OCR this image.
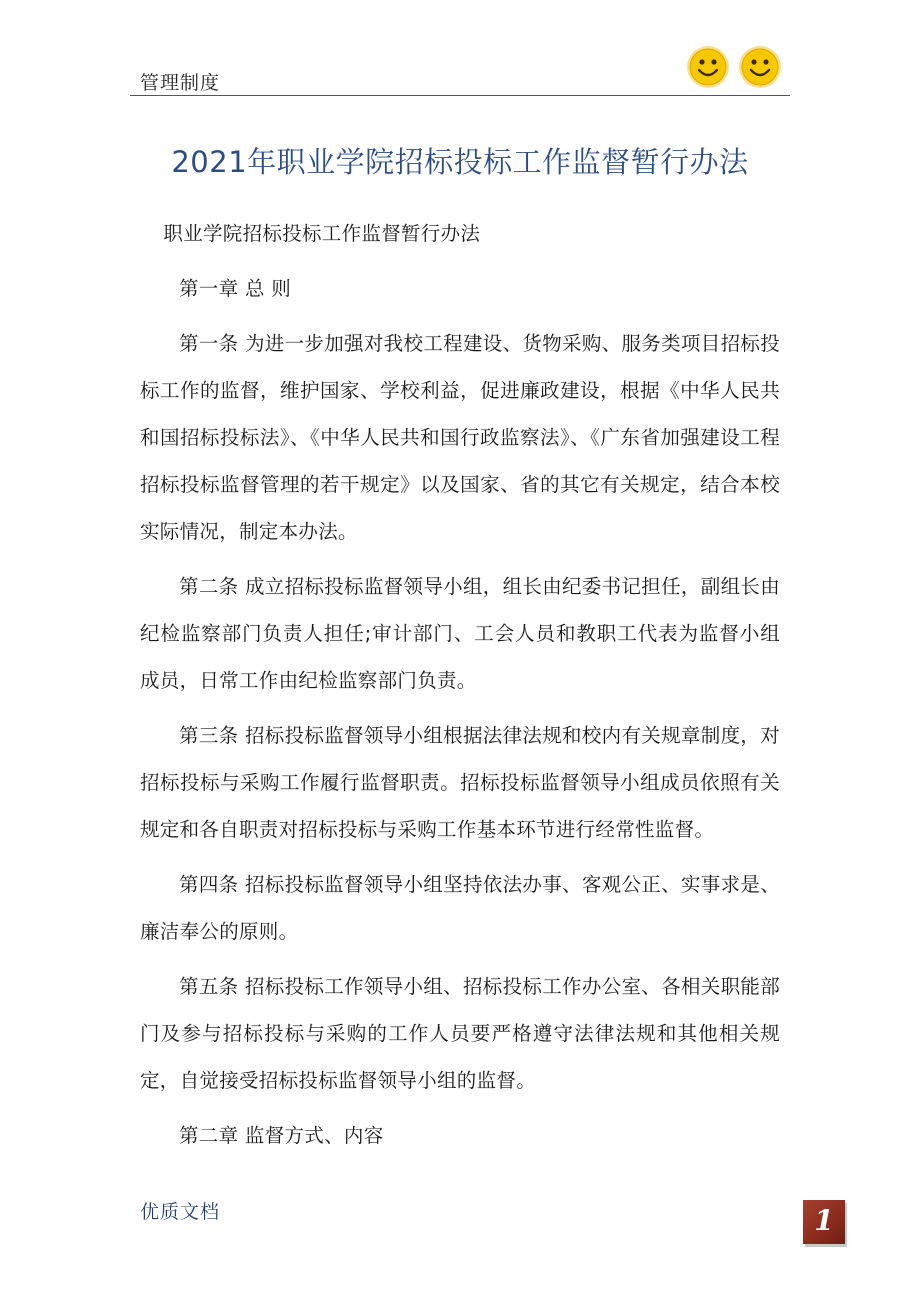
管理制度
2021年职业学院招标投标工作监督暂行办法

职业学院招标投标工作监督暂行办法

第一章 总 则

第一条 为进一步加强对我校工程建设、货物采购、服务类项目招标投标工作的监督，维护国家、学校利益，促进廉政建设，根据《中华人民共和国招标投标法》、《中华人民共和国行政监察法》、《广东省加强建设工程招标投标监督管理的若干规定》以及国家、省的其它有关规定，结合本校实际情况，制定本办法。

第二条 成立招标投标监督领导小组，组长由纪委书记担任，副组长由纪检监察部门负责人担任;审计部门、工会人员和教职工代表为监督小组成员，日常工作由纪检监察部门负责。

第三条 招标投标监督领导小组根据法律法规和校内有关规章制度，对招标投标与采购工作履行监督职责。招标投标监督领导小组成员依照有关规定和各自职责对招标投标与采购工作基本环节进行经常性监督。

第四条 招标投标监督领导小组坚持依法办事、客观公正、实事求是、廉洁奉公的原则。

第五条 招标投标工作领导小组、招标投标工作办公室、各相关职能部门及参与招标投标与采购的工作人员要严格遵守法律法规和其他相关规定，自觉接受招标投标监督领导小组的监督。

第二章 监督方式、内容

优质文档	1
